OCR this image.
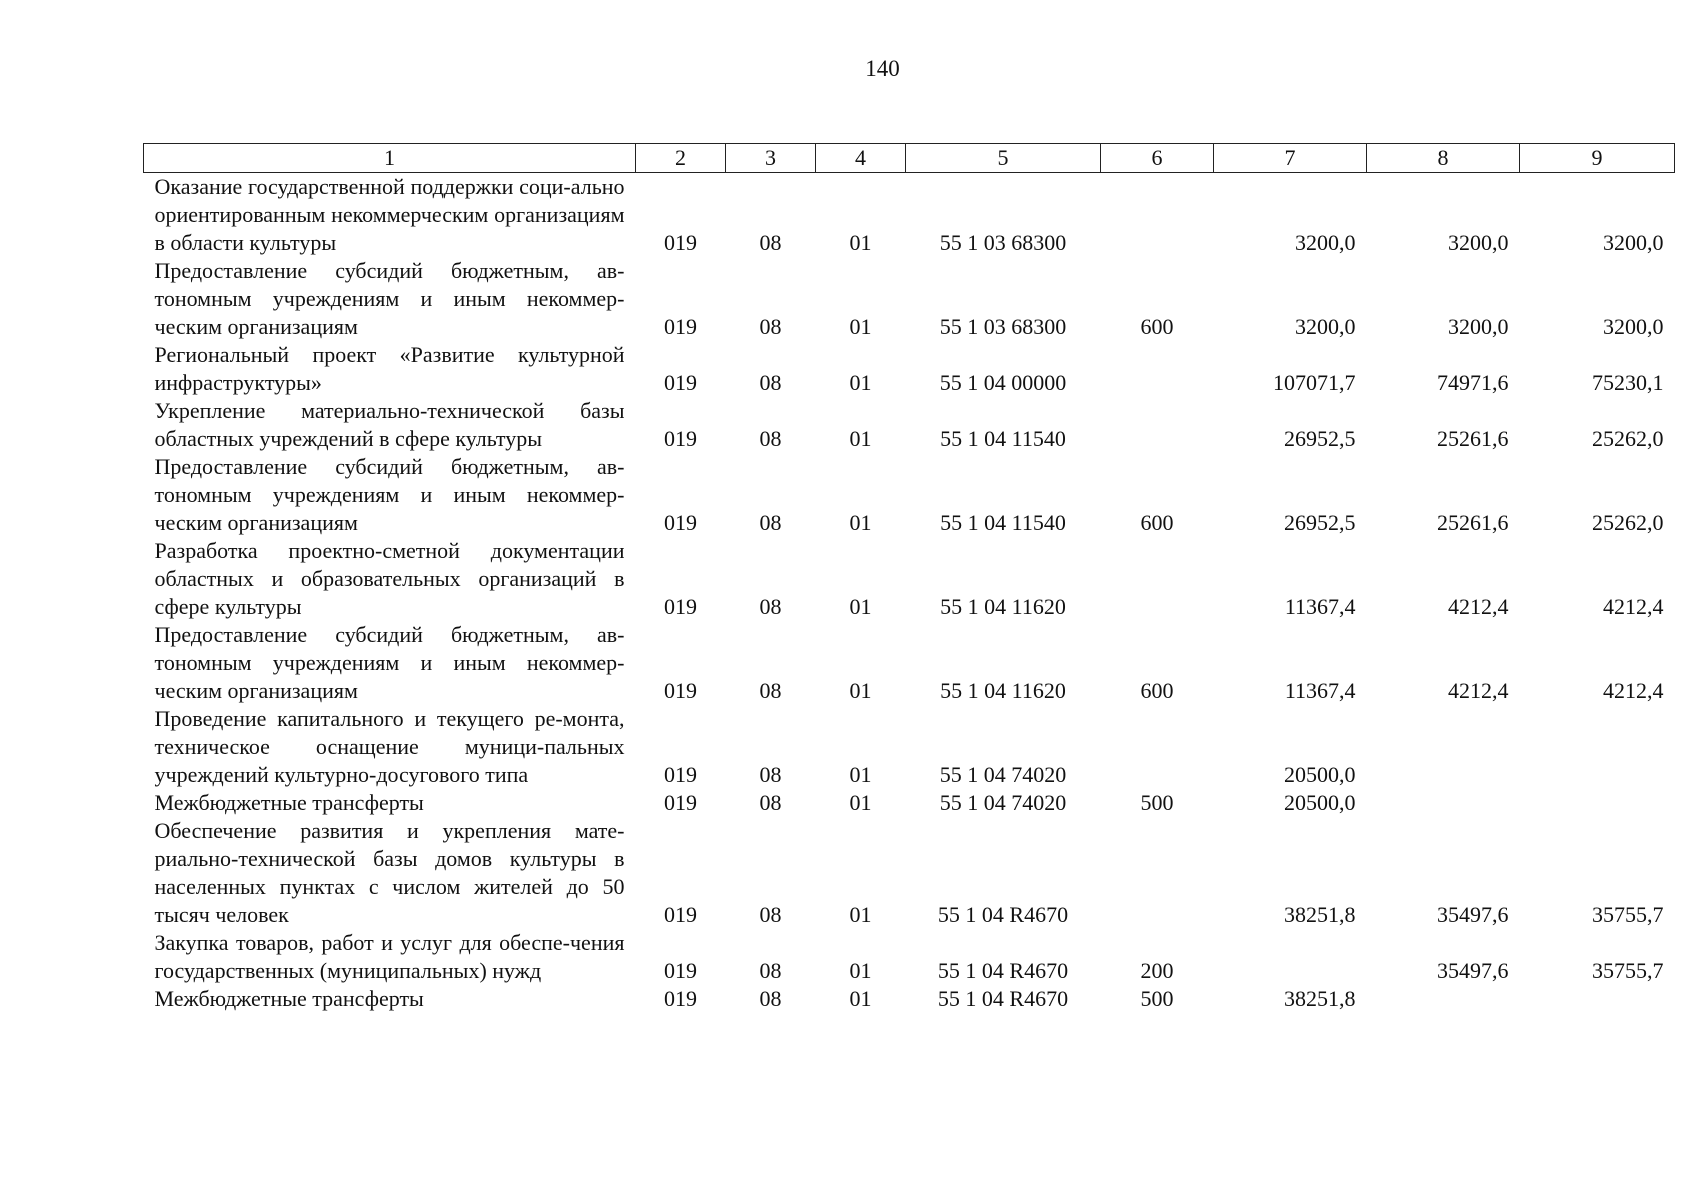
140
1	2	3	4	5	6	7	8	9
Оказание государственной поддержки соци-ально ориентированным некоммерческим организациям в области культуры	019	08	01	55 1 03 68300		3200,0	3200,0	3200,0
Предоставление субсидий бюджетным, ав-тономным учреждениям и иным некоммер-ческим организациям	019	08	01	55 1 03 68300	600	3200,0	3200,0	3200,0
Региональный проект «Развитие культурной инфраструктуры»	019	08	01	55 1 04 00000		107071,7	74971,6	75230,1
Укрепление материально-технической базы областных учреждений в сфере культуры	019	08	01	55 1 04 11540		26952,5	25261,6	25262,0
Предоставление субсидий бюджетным, ав-тономным учреждениям и иным некоммер-ческим организациям	019	08	01	55 1 04 11540	600	26952,5	25261,6	25262,0
Разработка проектно-сметной документации областных и образовательных организаций в сфере культуры	019	08	01	55 1 04 11620		11367,4	4212,4	4212,4
Предоставление субсидий бюджетным, ав-тономным учреждениям и иным некоммер-ческим организациям	019	08	01	55 1 04 11620	600	11367,4	4212,4	4212,4
Проведение капитального и текущего ре-монта, техническое оснащение муници-пальных учреждений культурно-досугового типа	019	08	01	55 1 04 74020		20500,0		
Межбюджетные трансферты	019	08	01	55 1 04 74020	500	20500,0		
Обеспечение развития и укрепления мате-риально-технической базы домов культуры в населенных пунктах с числом жителей до 50 тысяч человек	019	08	01	55 1 04 R4670		38251,8	35497,6	35755,7
Закупка товаров, работ и услуг для обеспе-чения государственных (муниципальных) нужд	019	08	01	55 1 04 R4670	200		35497,6	35755,7
Межбюджетные трансферты	019	08	01	55 1 04 R4670	500	38251,8		
